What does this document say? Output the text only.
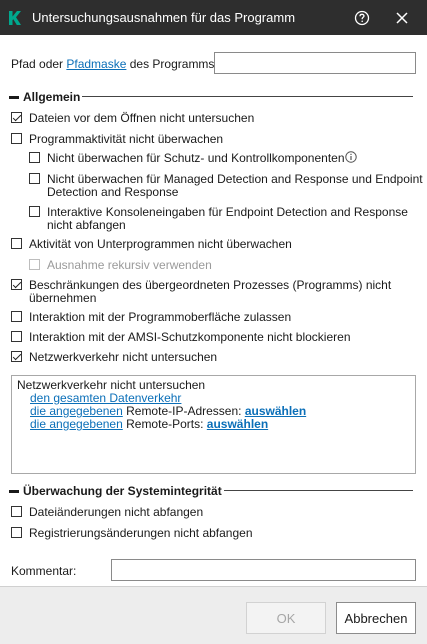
Untersuchungsausnahmen für das Programm
Pfad oder Pfadmaske des Programms
▬ Allgemein
Dateien vor dem Öffnen nicht untersuchen
Programmaktivität nicht überwachen
Nicht überwachen für Schutz- und Kontrollkomponenten
Nicht überwachen für Managed Detection and Response und Endpoint
Detection and Response
Interaktive Konsoleneingaben für Endpoint Detection and Response
nicht abfangen
Aktivität von Unterprogrammen nicht überwachen
Ausnahme rekursiv verwenden
Beschränkungen des übergeordneten Prozesses (Programms) nicht
übernehmen
Interaktion mit der Programmoberfläche zulassen
Interaktion mit der AMSI-Schutzkomponente nicht blockieren
Netzwerkverkehr nicht untersuchen
Netzwerkverkehr nicht untersuchen
den gesamten Datenverkehr
die angegebenen Remote-IP-Adressen: auswählen
die angegebenen Remote-Ports: auswählen
▬ Überwachung der Systemintegrität
Dateiänderungen nicht abfangen
Registrierungsänderungen nicht abfangen
Kommentar:
OK	Abbrechen
